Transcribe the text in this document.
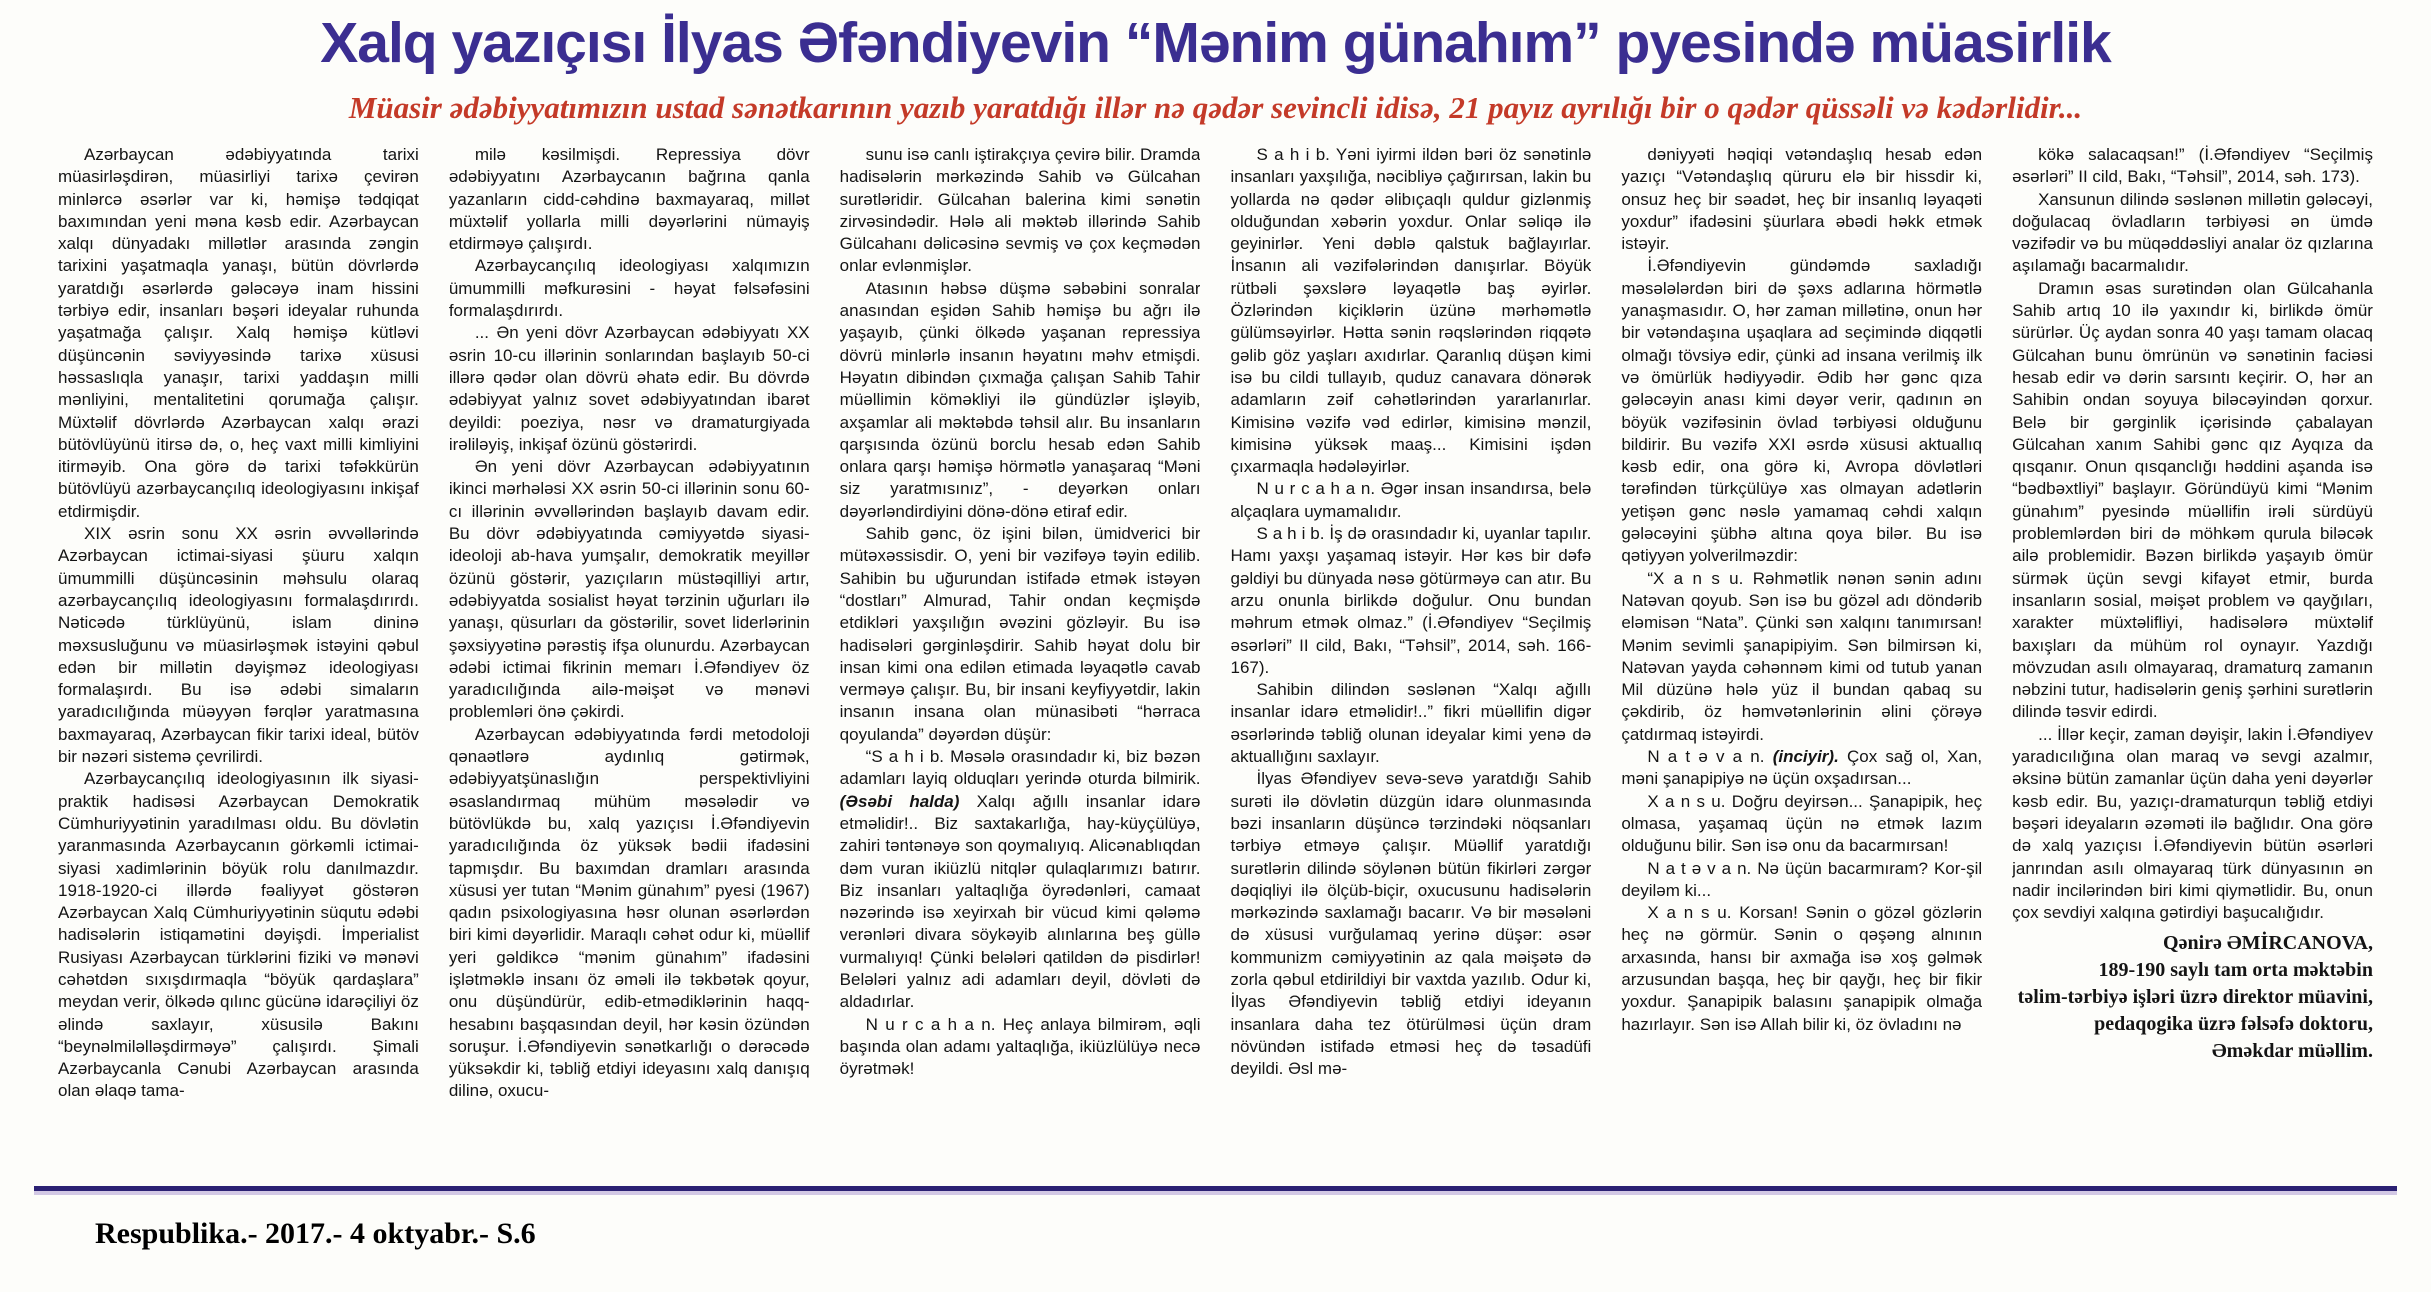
Xalq yazıçısı İlyas Əfəndiyevin “Mənim günahım” pyesində müasirlik
Müasir ədəbiyyatımızın ustad sənətkarının yazıb yaratdığı illər nə qədər sevincli idisə, 21 payız ayrılığı bir o qədər qüssəli və kədərlidir...

Azərbaycan ədəbiyyatında tarixi müasirləşdirən, müasirliyi tarixə çevirən minlərcə əsərlər var ki, həmişə tədqiqat baxımından yeni məna kəsb edir. Azərbaycan xalqı dünyadakı millətlər arasında zəngin tarixini yaşatmaqla yanaşı, bütün dövrlərdə yaratdığı əsərlərdə gələcəyə inam hissini tərbiyə edir, insanları bəşəri ideyalar ruhunda yaşatmağa çalışır. Xalq həmişə kütləvi düşüncənin səviyyəsində tarixə xüsusi həssaslıqla yanaşır, tarixi yaddaşın milli mənliyini, mentalitetini qorumağa çalışır. Müxtəlif dövrlərdə Azərbaycan xalqı ərazi bütövlüyünü itirsə də, o, heç vaxt milli kimliyini itirməyib. Ona görə də tarixi təfəkkürün bütövlüyü azərbaycançılıq ideologiyasını inkişaf etdirmişdir.

XIX əsrin sonu XX əsrin əvvəllərində Azərbaycan ictimai-siyasi şüuru xalqın ümummilli düşüncəsinin məhsulu olaraq azərbaycançılıq ideologiyasını formalaşdırırdı. Nəticədə türklüyünü, islam dininə məxsusluğunu və müasirləşmək istəyini qəbul edən bir millətin dəyişməz ideologiyası formalaşırdı. Bu isə ədəbi simaların yaradıcılığında müəyyən fərqlər yaratmasına baxmayaraq, Azərbaycan fikir tarixi ideal, bütöv bir nəzəri sistemə çevrilirdi.

Azərbaycançılıq ideologiyasının ilk siyasi-praktik hadisəsi Azərbaycan Demokratik Cümhuriyyətinin yaradılması oldu. Bu dövlətin yaranmasında Azərbaycanın görkəmli ictimai-siyasi xadimlərinin böyük rolu danılmazdır. 1918-1920-ci illərdə fəaliyyət göstərən Azərbaycan Xalq Cümhuriyyətinin süqutu ədəbi hadisələrin istiqamətini dəyişdi. İmperialist Rusiyası Azərbaycan türklərini fiziki və mənəvi cəhətdən sıxışdırmaqla “böyük qardaşlara” meydan verir, ölkədə qılınc gücünə idarəçiliyi öz əlində saxlayır, xüsusilə Bakını “beynəlmiləlləşdirməyə” çalışırdı. Şimali Azərbaycanla Cənubi Azərbaycan arasında olan əlaqə tama-

milə kəsilmişdi. Repressiya dövr ədəbiyyatını Azərbaycanın bağrına qanla yazanların cidd-cəhdinə baxmayaraq, millət müxtəlif yollarla milli dəyərlərini nümayiş etdirməyə çalışırdı.

Azərbaycançılıq ideologiyası xalqımızın ümummilli məfkurəsini - həyat fəlsəfəsini formalaşdırırdı.

... Ən yeni dövr Azərbaycan ədəbiyyatı XX əsrin 10-cu illərinin sonlarından başlayıb 50-ci illərə qədər olan dövrü əhatə edir. Bu dövrdə ədəbiyyat yalnız sovet ədəbiyyatından ibarət deyildi: poeziya, nəsr və dramaturgiyada irəliləyiş, inkişaf özünü göstərirdi.

Ən yeni dövr Azərbaycan ədəbiyyatının ikinci mərhələsi XX əsrin 50-ci illərinin sonu 60-cı illərinin əvvəllərindən başlayıb davam edir. Bu dövr ədəbiyyatında cəmiyyətdə siyasi-ideoloji ab-hava yumşalır, demokratik meyillər özünü göstərir, yazıçıların müstəqilliyi artır, ədəbiyyatda sosialist həyat tərzinin uğurları ilə yanaşı, qüsurları da göstərilir, sovet liderlərinin şəxsiyyətinə pərəstiş ifşa olunurdu. Azərbaycan ədəbi ictimai fikrinin memarı İ.Əfəndiyev öz yaradıcılığında ailə-məişət və mənəvi problemləri önə çəkirdi.

Azərbaycan ədəbiyyatında fərdi metodoloji qənaətlərə aydınlıq gətirmək, ədəbiyyatşünaslığın perspektivliyini əsaslandırmaq mühüm məsələdir və bütövlükdə bu, xalq yazıçısı İ.Əfəndiyevin yaradıcılığında öz yüksək bədii ifadəsini tapmışdır. Bu baxımdan dramları arasında xüsusi yer tutan “Mənim günahım” pyesi (1967) qadın psixologiyasına həsr olunan əsərlərdən biri kimi dəyərlidir. Maraqlı cəhət odur ki, müəllif yeri gəldikcə “mənim günahım” ifadəsini işlətməklə insanı öz əməli ilə təkbətək qoyur, onu düşündürür, edib-etmədiklərinin haqq-hesabını başqasından deyil, hər kəsin özündən soruşur. İ.Əfəndiyevin sənətkarlığı o dərəcədə yüksəkdir ki, təbliğ etdiyi ideyasını xalq danışıq dilinə, oxucu-

sunu isə canlı iştirakçıya çevirə bilir. Dramda hadisələrin mərkəzində Sahib və Gülcahan surətləridir. Gülcahan balerina kimi sənətin zirvəsindədir. Hələ ali məktəb illərində Sahib Gülcahanı dəlicəsinə sevmiş və çox keçmədən onlar evlənmişlər.

Atasının həbsə düşmə səbəbini sonralar anasından eşidən Sahib həmişə bu ağrı ilə yaşayıb, çünki ölkədə yaşanan repressiya dövrü minlərlə insanın həyatını məhv etmişdi. Həyatın dibindən çıxmağa çalışan Sahib Tahir müəllimin köməkliyi ilə gündüzlər işləyib, axşamlar ali məktəbdə təhsil alır. Bu insanların qarşısında özünü borclu hesab edən Sahib onlara qarşı həmişə hörmətlə yanaşaraq “Məni siz yaratmısınız”, - deyərkən onları dəyərləndirdiyini dönə-dönə etiraf edir.

Sahib gənc, öz işini bilən, ümidverici bir mütəxəssisdir. O, yeni bir vəzifəyə təyin edilib. Sahibin bu uğurundan istifadə etmək istəyən “dostları” Almurad, Tahir ondan keçmişdə etdikləri yaxşılığın əvəzini gözləyir. Bu isə hadisələri gərginləşdirir. Sahib həyat dolu bir insan kimi ona edilən etimada ləyaqətlə cavab verməyə çalışır. Bu, bir insani keyfiyyətdir, lakin insanın insana olan münasibəti “hərraca qoyulanda” dəyərdən düşür:

“S a h i b. Məsələ orasındadır ki, biz bəzən adamları layiq olduqları yerində oturda bilmirik. (Əsəbi halda) Xalqı ağıllı insanlar idarə etməlidir!.. Biz saxtakarlığa, hay-küyçülüyə, zahiri təntənəyə son qoymalıyıq. Alicənablıqdan dəm vuran ikiüzlü nitqlər qulaqlarımızı batırır. Biz insanları yaltaqlığa öyrədənləri, camaat nəzərində isə xeyirxah bir vücud kimi qələmə verənləri divara söykəyib alınlarına beş güllə vurmalıyıq! Çünki belələri qatildən də pisdirlər! Belələri yalnız adi adamları deyil, dövləti də aldadırlar.

N u r c a h a n. Heç anlaya bilmirəm, əqli başında olan adamı yaltaqlığa, ikiüzlülüyə necə öyrətmək!

S a h i b. Yəni iyirmi ildən bəri öz sənətinlə insanları yaxşılığa, nəcibliyə çağırırsan, lakin bu yollarda nə qədər əlibıçaqlı quldur gizlənmiş olduğundan xəbərin yoxdur. Onlar səliqə ilə geyinirlər. Yeni dəblə qalstuk bağlayırlar. İnsanın ali vəzifələrindən danışırlar. Böyük rütbəli şəxslərə ləyaqətlə baş əyirlər. Özlərindən kiçiklərin üzünə mərhəmətlə gülümsəyirlər. Hətta sənin rəqslərindən riqqətə gəlib göz yaşları axıdırlar. Qaranlıq düşən kimi isə bu cildi tullayıb, quduz canavara dönərək adamların zəif cəhətlərindən yararlanırlar. Kimisinə vəzifə vəd edirlər, kimisinə mənzil, kimisinə yüksək maaş... Kimisini işdən çıxarmaqla hədələyirlər.

N u r c a h a n. Əgər insan insandırsa, belə alçaqlara uymamalıdır.

S a h i b. İş də orasındadır ki, uyanlar tapılır. Hamı yaxşı yaşamaq istəyir. Hər kəs bir dəfə gəldiyi bu dünyada nəsə götürməyə can atır. Bu arzu onunla birlikdə doğulur. Onu bundan məhrum etmək olmaz.” (İ.Əfəndiyev “Seçilmiş əsərləri” II cild, Bakı, “Təhsil”, 2014, səh. 166-167).

Sahibin dilindən səslənən “Xalqı ağıllı insanlar idarə etməlidir!..” fikri müəllifin digər əsərlərində təbliğ olunan ideyalar kimi yenə də aktuallığını saxlayır.

İlyas Əfəndiyev sevə-sevə yaratdığı Sahib surəti ilə dövlətin düzgün idarə olunmasında bəzi insanların düşüncə tərzindəki nöqsanları tərbiyə etməyə çalışır. Müəllif yaratdığı surətlərin dilində söylənən bütün fikirləri zərgər dəqiqliyi ilə ölçüb-biçir, oxucusunu hadisələrin mərkəzində saxlamağı bacarır. Və bir məsələni də xüsusi vurğulamaq yerinə düşər: əsər kommunizm cəmiyyətinin az qala məişətə də zorla qəbul etdirildiyi bir vaxtda yazılıb. Odur ki, İlyas Əfəndiyevin təbliğ etdiyi ideyanın insanlara daha tez ötürülməsi üçün dram növündən istifadə etməsi heç də təsadüfi deyildi. Əsl mə-

dəniyyəti həqiqi vətəndaşlıq hesab edən yazıçı “Vətəndaşlıq qüruru elə bir hissdir ki, onsuz heç bir səadət, heç bir insanlıq ləyaqəti yoxdur” ifadəsini şüurlara əbədi həkk etmək istəyir.

İ.Əfəndiyevin gündəmdə saxladığı məsələlərdən biri də şəxs adlarına hörmətlə yanaşmasıdır. O, hər zaman millətinə, onun hər bir vətəndaşına uşaqlara ad seçimində diqqətli olmağı tövsiyə edir, çünki ad insana verilmiş ilk və ömürlük hədiyyədir. Ədib hər gənc qıza gələcəyin anası kimi dəyər verir, qadının ən böyük vəzifəsinin övlad tərbiyəsi olduğunu bildirir. Bu vəzifə XXI əsrdə xüsusi aktuallıq kəsb edir, ona görə ki, Avropa dövlətləri tərəfindən türkçülüyə xas olmayan adətlərin yetişən gənc nəslə yamamaq cəhdi xalqın gələcəyini şübhə altına qoya bilər. Bu isə qətiyyən yolverilməzdir:

“X a n s u. Rəhmətlik nənən sənin adını Natəvan qoyub. Sən isə bu gözəl adı döndərib eləmisən “Nata”. Çünki sən xalqını tanımırsan! Mənim sevimli şanapipiyim. Sən bilmirsən ki, Natəvan yayda cəhənnəm kimi od tutub yanan Mil düzünə hələ yüz il bundan qabaq su çəkdirib, öz həmvətənlərinin əlini çörəyə çatdırmaq istəyirdi.

N a t ə v a n. (inciyir). Çox sağ ol, Xan, məni şanapipiyə nə üçün oxşadırsan...

X a n s u. Doğru deyirsən... Şanapipik, heç olmasa, yaşamaq üçün nə etmək lazım olduğunu bilir. Sən isə onu da bacarmırsan!

N a t ə v a n. Nə üçün bacarmıram? Kor-şil deyiləm ki...

X a n s u. Korsan! Sənin o gözəl gözlərin heç nə görmür. Sənin o qəşəng alnının arxasında, hansı bir axmağa isə xoş gəlmək arzusundan başqa, heç bir qayğı, heç bir fikir yoxdur. Şanapipik balasını şanapipik olmağa hazırlayır. Sən isə Allah bilir ki, öz övladını nə

kökə salacaqsan!” (İ.Əfəndiyev “Seçilmiş əsərləri” II cild, Bakı, “Təhsil”, 2014, səh. 173).

Xansunun dilində səslənən millətin gələcəyi, doğulacaq övladların tərbiyəsi ən ümdə vəzifədir və bu müqəddəsliyi analar öz qızlarına aşılamağı bacarmalıdır.

Dramın əsas surətindən olan Gülcahanla Sahib artıq 10 ilə yaxındır ki, birlikdə ömür sürürlər. Üç aydan sonra 40 yaşı tamam olacaq Gülcahan bunu ömrünün və sənətinin faciəsi hesab edir və dərin sarsıntı keçirir. O, hər an Sahibin ondan soyuya biləcəyindən qorxur. Belə bir gərginlik içərisində çabalayan Gülcahan xanım Sahibi gənc qız Ayqıza da qısqanır. Onun qısqanclığı həddini aşanda isə “bədbəxtliyi” başlayır. Göründüyü kimi “Mənim günahım” pyesində müəllifin irəli sürdüyü problemlərdən biri də möhkəm qurula biləcək ailə problemidir. Bəzən birlikdə yaşayıb ömür sürmək üçün sevgi kifayət etmir, burda insanların sosial, məişət problem və qayğıları, xarakter müxtəlifliyi, hadisələrə müxtəlif baxışları da mühüm rol oynayır. Yazdığı mövzudan asılı olmayaraq, dramaturq zamanın nəbzini tutur, hadisələrin geniş şərhini surətlərin dilində təsvir edirdi.

... İllər keçir, zaman dəyişir, lakin İ.Əfəndiyev yaradıcılığına olan maraq və sevgi azalmır, əksinə bütün zamanlar üçün daha yeni dəyərlər kəsb edir. Bu, yazıçı-dramaturqun təbliğ etdiyi bəşəri ideyaların əzəməti ilə bağlıdır. Ona görə də xalq yazıçısı İ.Əfəndiyevin bütün əsərləri janrından asılı olmayaraq türk dünyasının ən nadir incilərindən biri kimi qiymətlidir. Bu, onun çox sevdiyi xalqına gətirdiyi başucalığıdır.

Qənirə ƏMİRCANOVA,
189-190 saylı tam orta məktəbin
təlim-tərbiyə işləri üzrə direktor müavini,
pedaqogika üzrə fəlsəfə doktoru,
Əməkdar müəllim.
Respublika.- 2017.- 4 oktyabr.- S.6
